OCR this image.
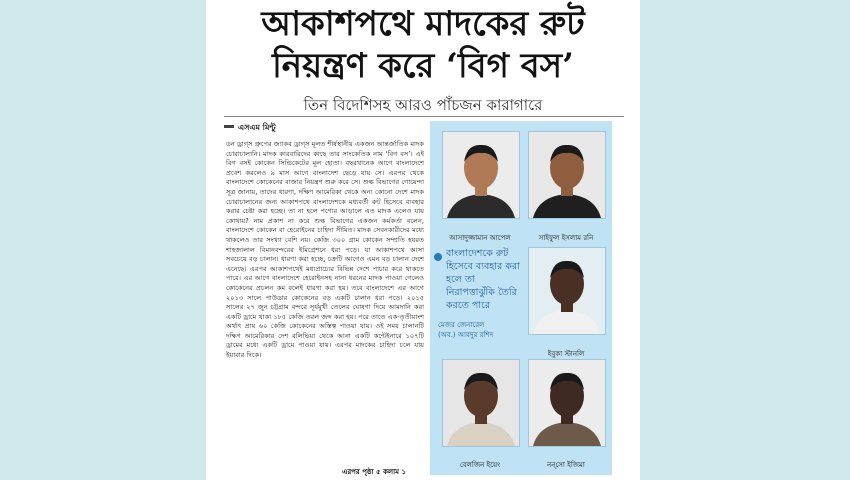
আকাশপথে মাদকের রুট
নিয়ন্ত্রণ করে ‘বিগ বস’

তিন বিদেশিসহ আরও পাঁচজন কারাগারে

এসএম মিন্টু

ডন ড্রাগ্স গ্রুপের জ্যাকব ড্রাগ্স মূলত শীর্ষস্থানীয় একজন আন্তর্জাতিক মাদক চোরাচালানি। মাদক কারবারিদের কাছে তার সাংকেতিক নাম ‘বিগ বস’। এই বিগ বসই কোকেন সিন্ডিকেটের মূল হোতা। বছরখানেক আগে বাংলাদেশে প্রবেশ করলেও ৯ মাস আগে বাংলাদেশ ছেড়ে যায় সে। এরপর থেকে বাংলাদেশে কোকেনের বাজার নিয়ন্ত্রণ শুরু করে সে। শুল্ক বিভাগের গোয়েন্দা সূত্র জানায়, তাদের ধারণা, দক্ষিণ আমেরিকা থেকে অন্য কোনো দেশে মাদক চোরাচালানের জন্য আকাশপথে বাংলাদেশকে মধ্যবর্তী রুট হিসেবে ব্যবহার করার চেষ্টা করা হচ্ছে। তা না হলে পণ্যের আড়ালে এত মাদক এলেও যায় কোথায়? নাম প্রকাশ না করে শুল্ক বিভাগের একজন কর্মকর্তা বলেন, বাংলাদেশে কোকেন বা হেরোইনের চাহিদা সীমিত। মাদক সেবনকারীদের মধ্যে থাকলেও তার সংখ্যা বেশি নয়। কেজি ৩০০ গ্রাম কোকেন সম্প্রতি হযরত শাহজালাল বিমানবন্দরের ইমিগ্রেশনে ধরা পড়ে। যা আকাশপথে আসা সবচেয়ে বড় চালান। ধারণা করা হচ্ছে, চক্রটি আগেও এমন বড় চালান দেশে এনেছে। এরপর আকাশপথেই মধ্যপ্রাচ্যের বিভিন্ন দেশে পাচার করে থাকতে পারে। এর আগে বাংলাদেশে হেরোইনসহ নানা ধরনের মাদক পাওয়া গেলেও কোকেনের প্রচলন কম বলেই ধারণা করা হয়। তবে বাংলাদেশে এর আগে ২০১৩ সালে পাউডার কোকেনের বড় একটি চালান ধরা পড়ে। ২০১৫ সালের ২৭ জুন চট্টগ্রাম বন্দরে সূর্যমুখী তেলের ঘোষণা দিয়ে আমদানি করা একটি ড্রামে থাকা ১৮৫ কেজি তরল জব্দ করা হয়। পরে তাতে এক-তৃতীয়াংশ অর্থাৎ প্রায় ৬০ কেজি কোকেনের অস্তিত্ব পাওয়া যায়। ওই সময় চালানটি দক্ষিণ আমেরিকার দেশ বলিভিয়া থেকে আনা একটি কন্টেইনারে ১০৭টি ড্রামের মধ্যে একটি ড্রামে পাওয়া যায়। এরপর মাদকের চাহিদা চলে যায় ইয়াবার দিকে।

এরপর পৃষ্ঠা ৫ কলাম ১
আসাদুজ্জামান আপেল	সাইফুল ইসলাম রনি

বাংলাদেশকে রুট হিসেবে ব্যবহার করা হলে তা নিরাপত্তাঝুঁকি তৈরি করতে পারে

মেজর জেনারেল
(অব.) আবদুর রশিদ

ইবুকা স্টানলি
বেলজিন ইয়েং	নন্‌সো ইজিমা
